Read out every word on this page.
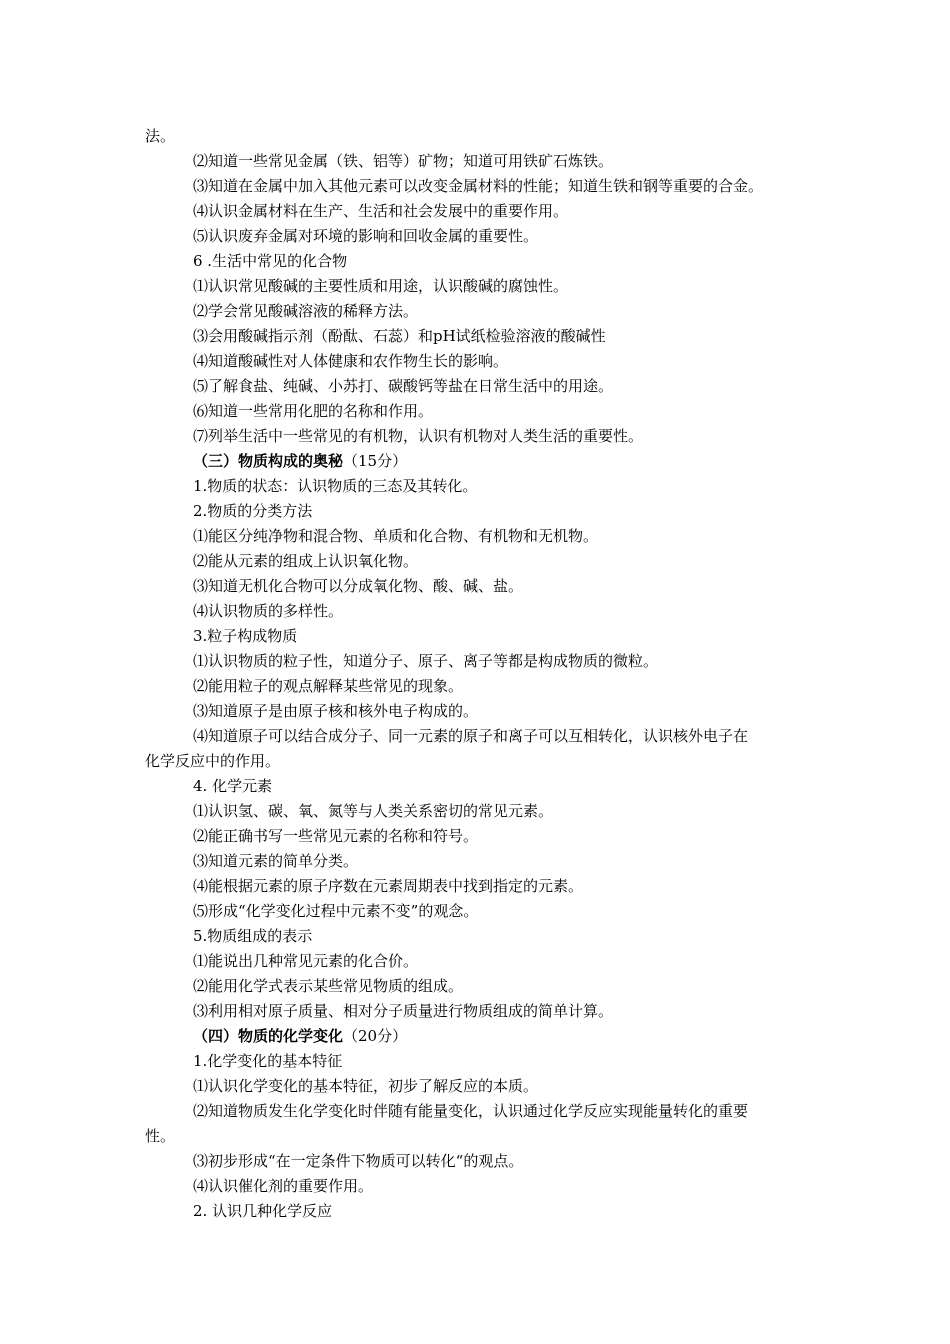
法。
⑵知道一些常见金属（铁、铝等）矿物；知道可用铁矿石炼铁。
⑶知道在金属中加入其他元素可以改变金属材料的性能；知道生铁和钢等重要的合金。
⑷认识金属材料在生产、生活和社会发展中的重要作用。
⑸认识废弃金属对环境的影响和回收金属的重要性。
6 .生活中常见的化合物
⑴认识常见酸碱的主要性质和用途，认识酸碱的腐蚀性。
⑵学会常见酸碱溶液的稀释方法。
⑶会用酸碱指示剂（酚酞、石蕊）和pH试纸检验溶液的酸碱性
⑷知道酸碱性对人体健康和农作物生长的影响。
⑸了解食盐、纯碱、小苏打、碳酸钙等盐在日常生活中的用途。
⑹知道一些常用化肥的名称和作用。
⑺列举生活中一些常见的有机物，认识有机物对人类生活的重要性。
（三）物质构成的奥秘（15分）
1.物质的状态：认识物质的三态及其转化。
2.物质的分类方法
⑴能区分纯净物和混合物、单质和化合物、有机物和无机物。
⑵能从元素的组成上认识氧化物。
⑶知道无机化合物可以分成氧化物、酸、碱、盐。
⑷认识物质的多样性。
3.粒子构成物质
⑴认识物质的粒子性，知道分子、原子、离子等都是构成物质的微粒。
⑵能用粒子的观点解释某些常见的现象。
⑶知道原子是由原子核和核外电子构成的。
⑷知道原子可以结合成分子、同一元素的原子和离子可以互相转化，认识核外电子在
化学反应中的作用。
4. 化学元素
⑴认识氢、碳、氧、氮等与人类关系密切的常见元素。
⑵能正确书写一些常见元素的名称和符号。
⑶知道元素的简单分类。
⑷能根据元素的原子序数在元素周期表中找到指定的元素。
⑸形成“化学变化过程中元素不变”的观念。
5.物质组成的表示
⑴能说出几种常见元素的化合价。
⑵能用化学式表示某些常见物质的组成。
⑶利用相对原子质量、相对分子质量进行物质组成的简单计算。
（四）物质的化学变化（20分）
1.化学变化的基本特征
⑴认识化学变化的基本特征，初步了解反应的本质。
⑵知道物质发生化学变化时伴随有能量变化，认识通过化学反应实现能量转化的重要
性。
⑶初步形成“在一定条件下物质可以转化“的观点。
⑷认识催化剂的重要作用。
2. 认识几种化学反应
